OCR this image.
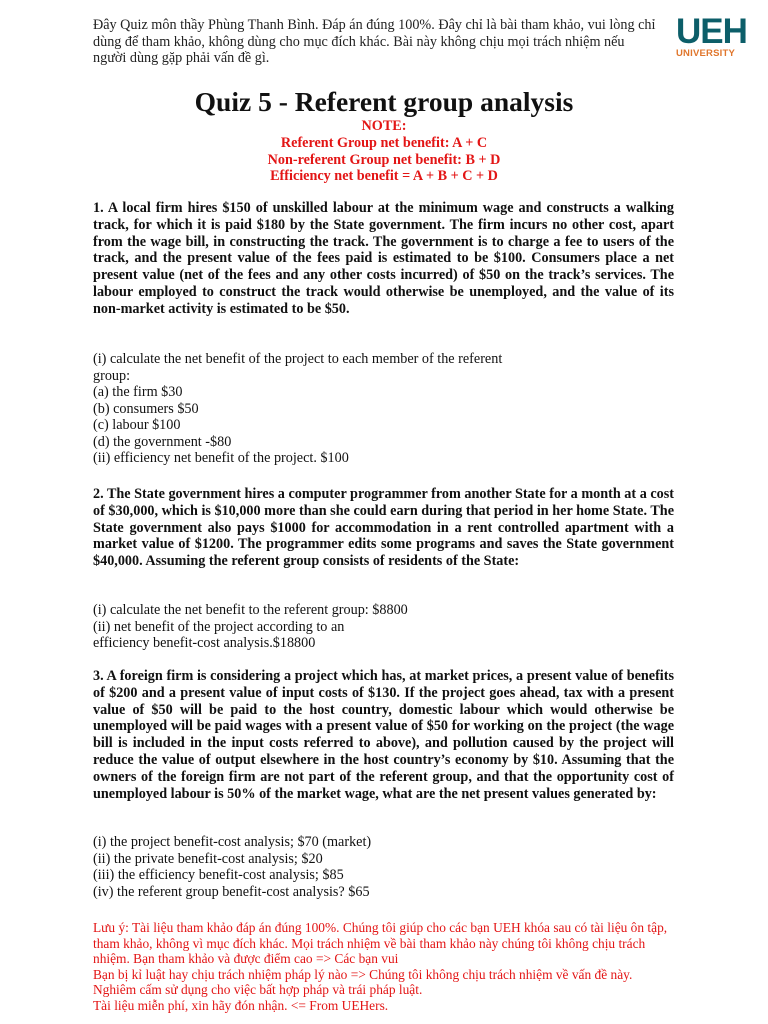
Đây Quiz môn thầy Phùng Thanh Bình. Đáp án đúng 100%. Đây chỉ là bài tham khảo, vui lòng chỉ dùng để tham khảo, không dùng cho mục đích khác. Bài này không chịu mọi trách nhiệm nếu người dùng gặp phải vấn đề gì.
UEH
UNIVERSITY
Quiz 5 - Referent group analysis
NOTE:
Referent Group net benefit: A + C
Non-referent Group net benefit: B + D
Efficiency net benefit = A + B + C + D
1. A local firm hires $150 of unskilled labour at the minimum wage and constructs a walking track, for which it is paid $180 by the State government. The firm incurs no other cost, apart from the wage bill, in constructing the track. The government is to charge a fee to users of the track, and the present value of the fees paid is estimated to be $100. Consumers place a net present value (net of the fees and any other costs incurred) of $50 on the track’s services. The labour employed to construct the track would otherwise be unemployed, and the value of its non-market activity is estimated to be $50.
(i) calculate the net benefit of the project to each member of the referent
group:
(a) the firm $30
(b) consumers $50
(c) labour $100
(d) the government -$80
(ii) efficiency net benefit of the project. $100
2. The State government hires a computer programmer from another State for a month at a cost of $30,000, which is $10,000 more than she could earn during that period in her home State. The State government also pays $1000 for accommodation in a rent controlled apartment with a market value of $1200. The programmer edits some programs and saves the State government $40,000. Assuming the referent group consists of residents of the State:
(i) calculate the net benefit to the referent group: $8800
(ii) net benefit of the project according to an
efficiency benefit-cost analysis.$18800
3. A foreign firm is considering a project which has, at market prices, a present value of benefits of $200 and a present value of input costs of $130. If the project goes ahead, tax with a present value of $50 will be paid to the host country, domestic labour which would otherwise be unemployed will be paid wages with a present value of $50 for working on the project (the wage bill is included in the input costs referred to above), and pollution caused by the project will reduce the value of output elsewhere in the host country’s economy by $10. Assuming that the owners of the foreign firm are not part of the referent group, and that the opportunity cost of unemployed labour is 50% of the market wage, what are the net present values generated by:
(i) the project benefit-cost analysis; $70 (market)
(ii) the private benefit-cost analysis; $20
(iii) the efficiency benefit-cost analysis; $85
(iv) the referent group benefit-cost analysis? $65
Lưu ý: Tài liệu tham khảo đáp án đúng 100%. Chúng tôi giúp cho các bạn UEH khóa sau có tài liệu ôn tập, tham khảo, không vì mục đích khác. Mọi trách nhiệm về bài tham khảo này chúng tôi không chịu trách nhiệm. Bạn tham khảo và được điểm cao => Các bạn vui
Bạn bị kỉ luật hay chịu trách nhiệm pháp lý nào => Chúng tôi không chịu trách nhiệm về vấn đề này.
Nghiêm cấm sử dụng cho việc bất hợp pháp và trái pháp luật.
Tài liệu miễn phí, xin hãy đón nhận. <= From UEHers.
